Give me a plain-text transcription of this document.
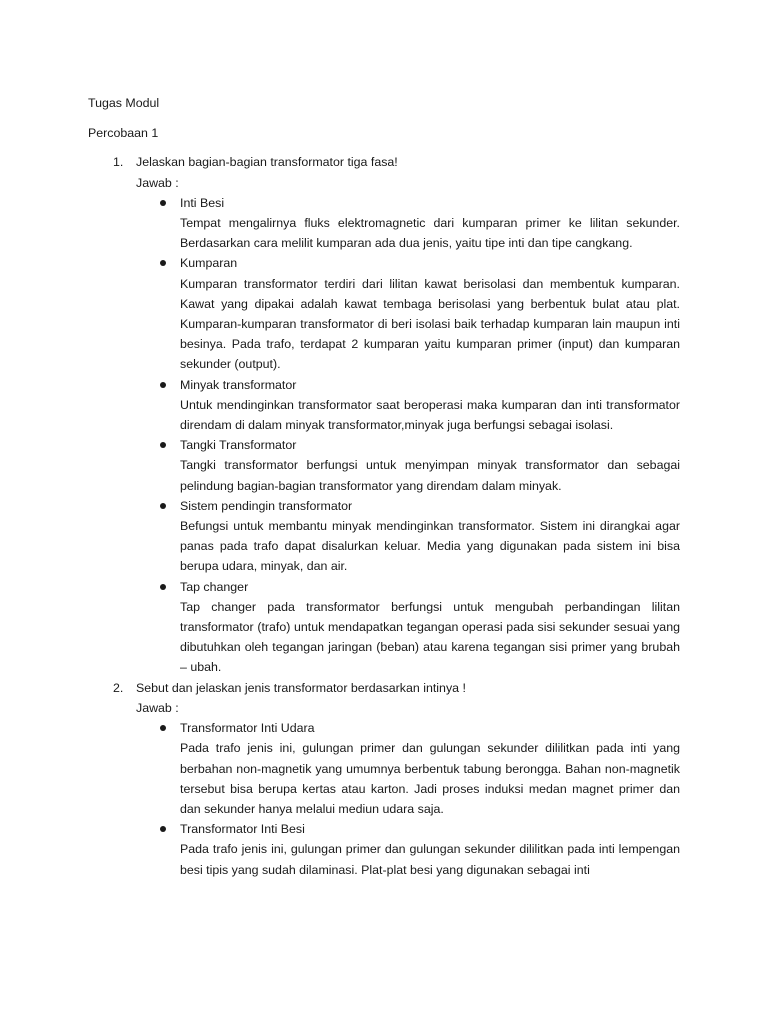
Tugas Modul

Percobaan 1

1. Jelaskan bagian-bagian transformator tiga fasa!
Jawab :
Inti Besi
Tempat mengalirnya fluks elektromagnetic dari kumparan primer ke lilitan sekunder. Berdasarkan cara melilit kumparan ada dua jenis, yaitu tipe inti dan tipe cangkang.
Kumparan
Kumparan transformator terdiri dari lilitan kawat berisolasi dan membentuk kumparan. Kawat yang dipakai adalah kawat tembaga berisolasi yang berbentuk bulat atau plat. Kumparan-kumparan transformator di beri isolasi baik terhadap kumparan lain maupun inti besinya. Pada trafo, terdapat 2 kumparan yaitu kumparan primer (input) dan kumparan sekunder (output).
Minyak transformator
Untuk mendinginkan transformator saat beroperasi maka kumparan dan inti transformator direndam di dalam minyak transformator,minyak juga berfungsi sebagai isolasi.
Tangki Transformator
Tangki transformator berfungsi untuk menyimpan minyak transformator dan sebagai pelindung bagian-bagian transformator yang direndam dalam minyak.
Sistem pendingin transformator
Befungsi untuk membantu minyak mendinginkan transformator. Sistem ini dirangkai agar panas pada trafo dapat disalurkan keluar. Media yang digunakan pada sistem ini bisa berupa udara, minyak, dan air.
Tap changer
Tap changer pada transformator berfungsi untuk mengubah perbandingan lilitan transformator (trafo) untuk mendapatkan tegangan operasi pada sisi sekunder sesuai yang dibutuhkan oleh tegangan jaringan (beban) atau karena tegangan sisi primer yang brubah – ubah.
2. Sebut dan jelaskan jenis transformator berdasarkan intinya !
Jawab :
Transformator Inti Udara
Pada trafo jenis ini, gulungan primer dan gulungan sekunder dililitkan pada inti yang berbahan non-magnetik yang umumnya berbentuk tabung berongga. Bahan non-magnetik tersebut bisa berupa kertas atau karton. Jadi proses induksi medan magnet primer dan dan sekunder hanya melalui mediun udara saja.
Transformator Inti Besi
Pada trafo jenis ini, gulungan primer dan gulungan sekunder dililitkan pada inti lempengan besi tipis yang sudah dilaminasi. Plat-plat besi yang digunakan sebagai inti
